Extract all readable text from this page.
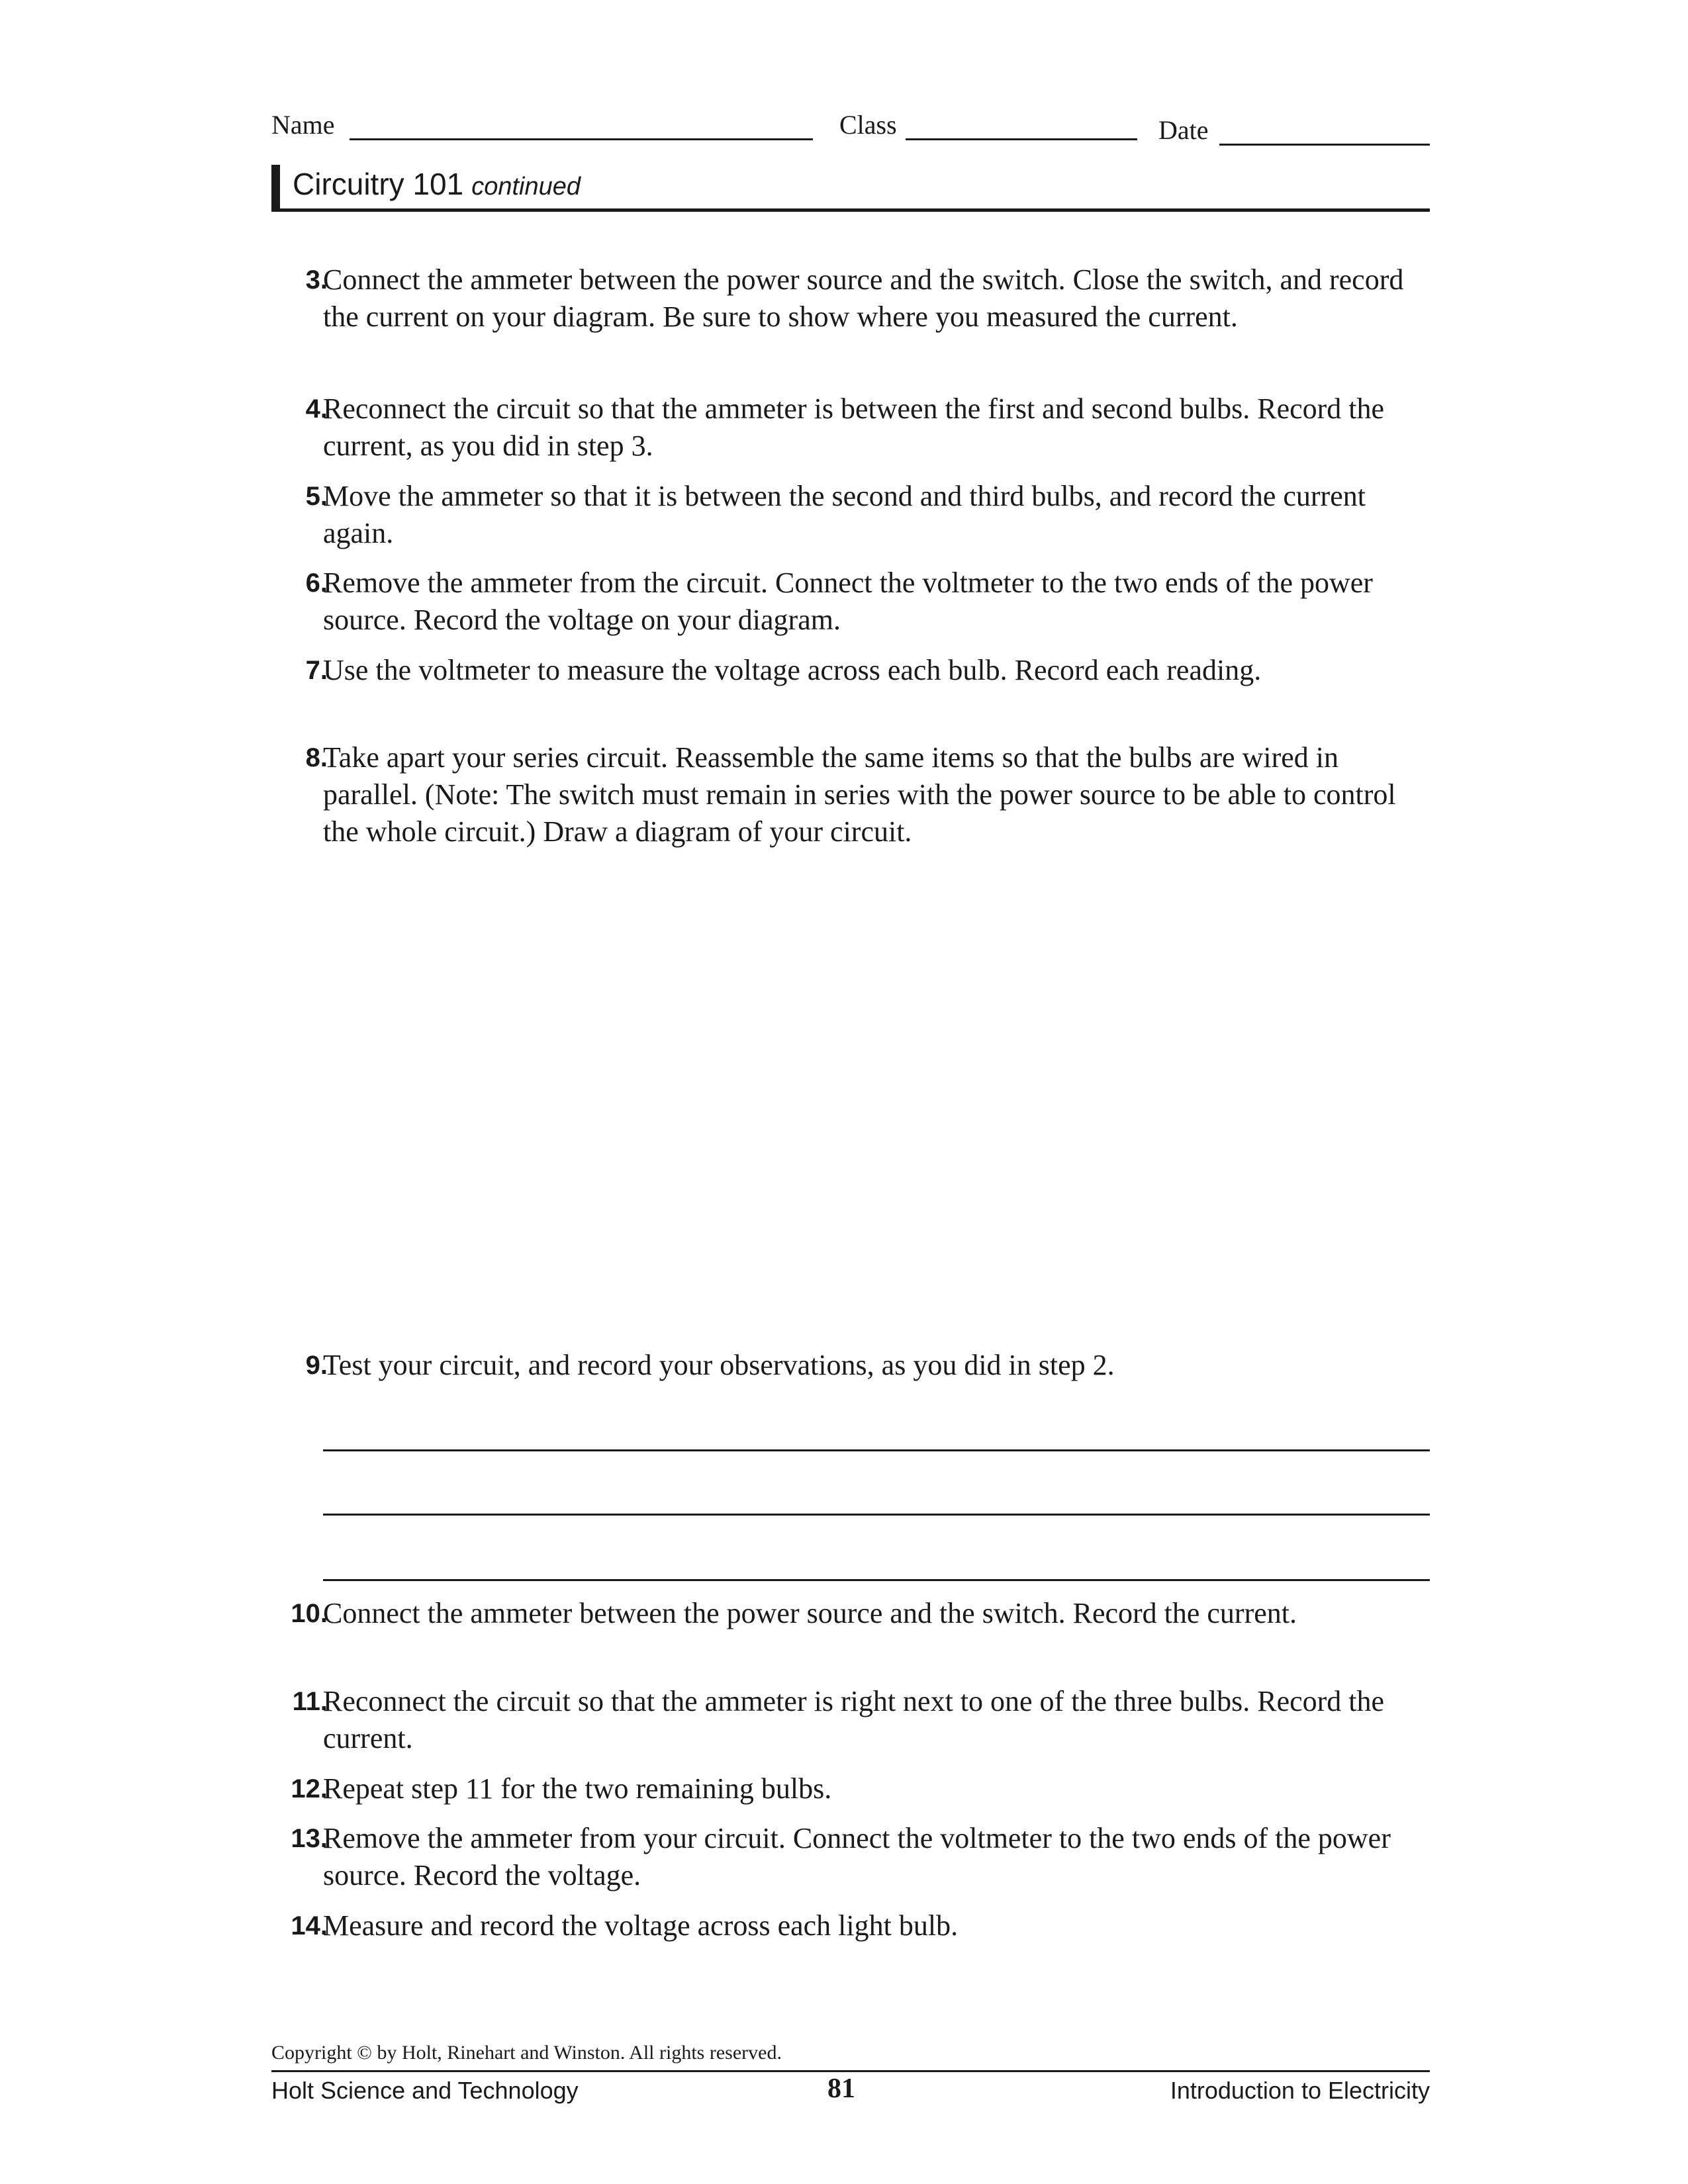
Name	Class	Date
Circuitry 101 continued
3.
Connect the ammeter between the power source and the switch. Close the switch, and record the current on your diagram. Be sure to show where you measured the current.
4.
Reconnect the circuit so that the ammeter is between the first and second bulbs. Record the current, as you did in step 3.
5.
Move the ammeter so that it is between the second and third bulbs, and record the current again.
6.
Remove the ammeter from the circuit. Connect the voltmeter to the two ends of the power source. Record the voltage on your diagram.
7.
Use the voltmeter to measure the voltage across each bulb. Record each reading.
8.
Take apart your series circuit. Reassemble the same items so that the bulbs are wired in parallel. (Note: The switch must remain in series with the power source to be able to control the whole circuit.) Draw a diagram of your circuit.
9.
Test your circuit, and record your observations, as you did in step 2.
10.
Connect the ammeter between the power source and the switch. Record the current.
11.
Reconnect the circuit so that the ammeter is right next to one of the three bulbs. Record the current.
12.
Repeat step 11 for the two remaining bulbs.
13.
Remove the ammeter from your circuit. Connect the voltmeter to the two ends of the power source. Record the voltage.
14.
Measure and record the voltage across each light bulb.
Copyright © by Holt, Rinehart and Winston. All rights reserved.
Holt Science and Technology	81	Introduction to Electricity
